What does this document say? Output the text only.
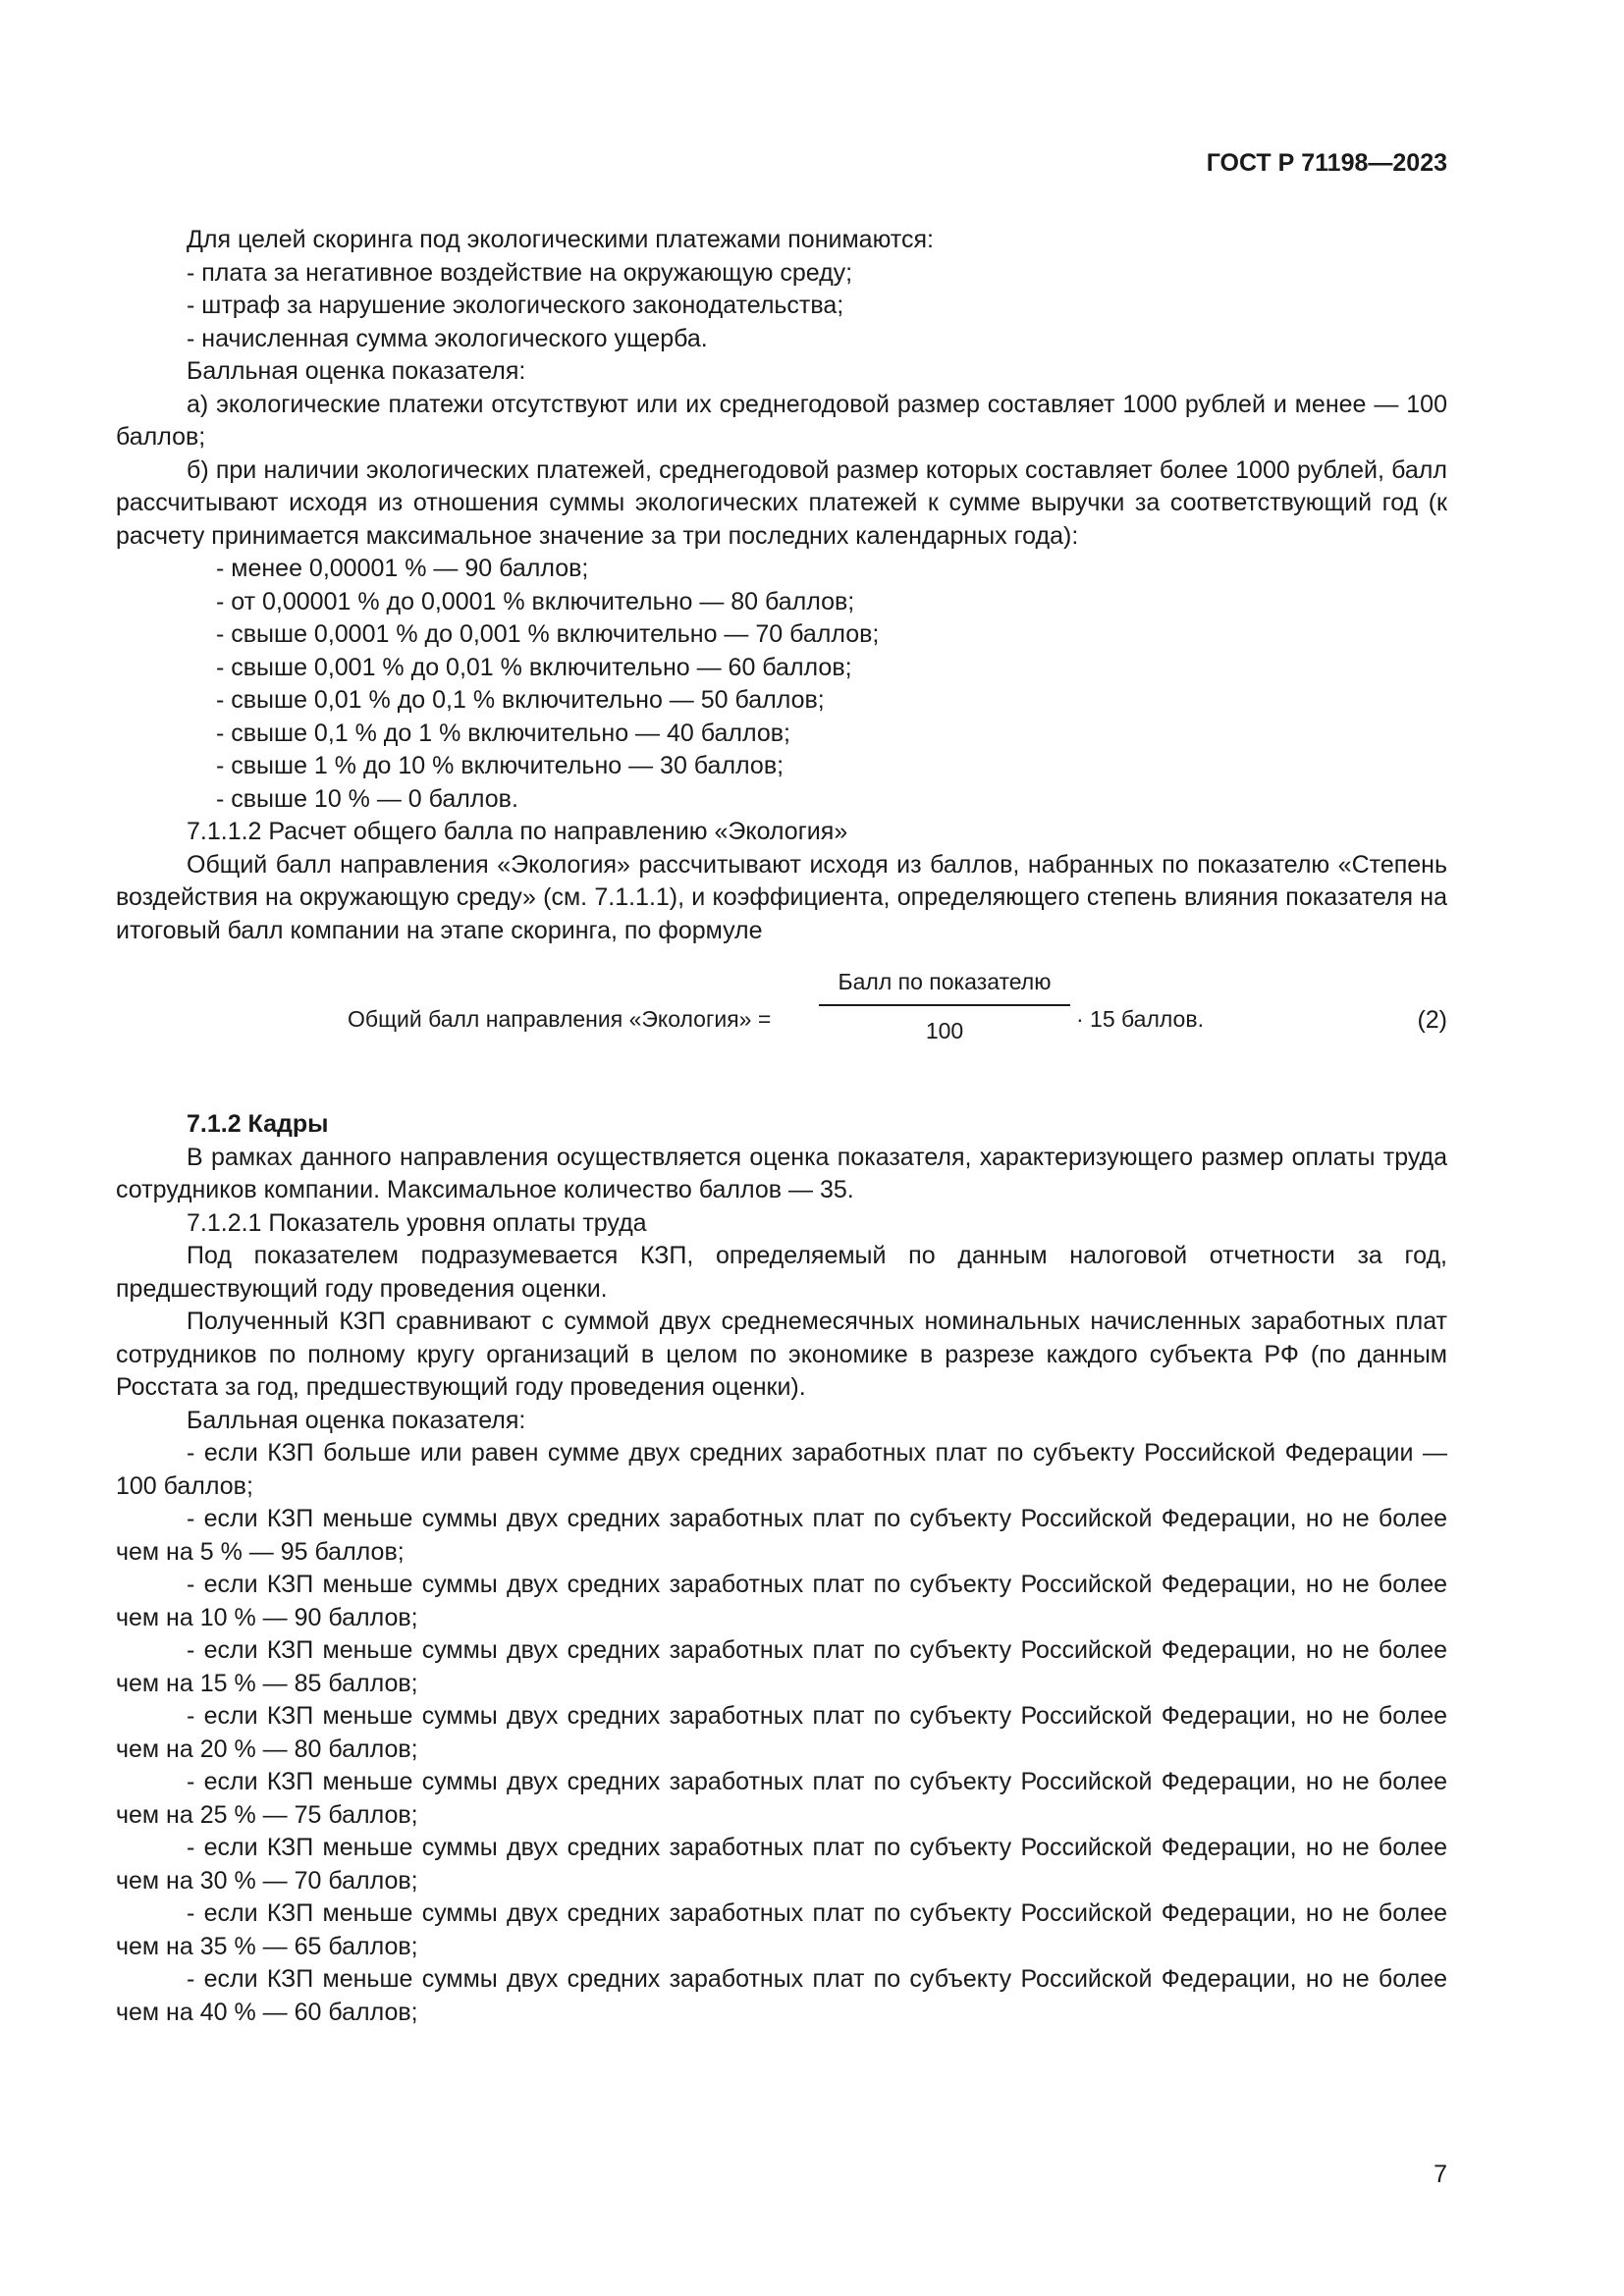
ГОСТ Р 71198—2023

Для целей скоринга под экологическими платежами понимаются:

- плата за негативное воздействие на окружающую среду;

- штраф за нарушение экологического законодательства;

- начисленная сумма экологического ущерба.

Балльная оценка показателя:

а) экологические платежи отсутствуют или их среднегодовой размер составляет 1000 рублей и менее — 100 баллов;

б) при наличии экологических платежей, среднегодовой размер которых составляет более 1000 рублей, балл рассчитывают исходя из отношения суммы экологических платежей к сумме выручки за соответствующий год (к расчету принимается максимальное значение за три последних календарных года):

- менее 0,00001 % — 90 баллов;

- от 0,00001 % до 0,0001 % включительно — 80 баллов;

- свыше 0,0001 % до 0,001 % включительно — 70 баллов;

- свыше 0,001 % до 0,01 % включительно — 60 баллов;

- свыше 0,01 % до 0,1 % включительно — 50 баллов;

- свыше 0,1 % до 1 % включительно — 40 баллов;

- свыше 1 % до 10 % включительно — 30 баллов;

- свыше 10 % — 0 баллов.

7.1.1.2 Расчет общего балла по направлению «Экология»

Общий балл направления «Экология» рассчитывают исходя из баллов, набранных по показателю «Степень воздействия на окружающую среду» (см. 7.1.1.1), и коэффициента, определяющего степень влияния показателя на итоговый балл компании на этапе скоринга, по формуле

Общий балл направления «Экология» =
Балл по показателю
100	· 15 баллов.	(2)

7.1.2 Кадры

В рамках данного направления осуществляется оценка показателя, характеризующего размер оплаты труда сотрудников компании. Максимальное количество баллов — 35.

7.1.2.1 Показатель уровня оплаты труда

Под показателем подразумевается КЗП, определяемый по данным налоговой отчетности за год, предшествующий году проведения оценки.

Полученный КЗП сравнивают с суммой двух среднемесячных номинальных начисленных заработных плат сотрудников по полному кругу организаций в целом по экономике в разрезе каждого субъекта РФ (по данным Росстата за год, предшествующий году проведения оценки).

Балльная оценка показателя:

- если КЗП больше или равен сумме двух средних заработных плат по субъекту Российской Федерации — 100 баллов;

- если КЗП меньше суммы двух средних заработных плат по субъекту Российской Федерации, но не более чем на 5 % — 95 баллов;

- если КЗП меньше суммы двух средних заработных плат по субъекту Российской Федерации, но не более чем на 10 % — 90 баллов;

- если КЗП меньше суммы двух средних заработных плат по субъекту Российской Федерации, но не более чем на 15 % — 85 баллов;

- если КЗП меньше суммы двух средних заработных плат по субъекту Российской Федерации, но не более чем на 20 % — 80 баллов;

- если КЗП меньше суммы двух средних заработных плат по субъекту Российской Федерации, но не более чем на 25 % — 75 баллов;

- если КЗП меньше суммы двух средних заработных плат по субъекту Российской Федерации, но не более чем на 30 % — 70 баллов;

- если КЗП меньше суммы двух средних заработных плат по субъекту Российской Федерации, но не более чем на 35 % — 65 баллов;

- если КЗП меньше суммы двух средних заработных плат по субъекту Российской Федерации, но не более чем на 40 % — 60 баллов;

7
